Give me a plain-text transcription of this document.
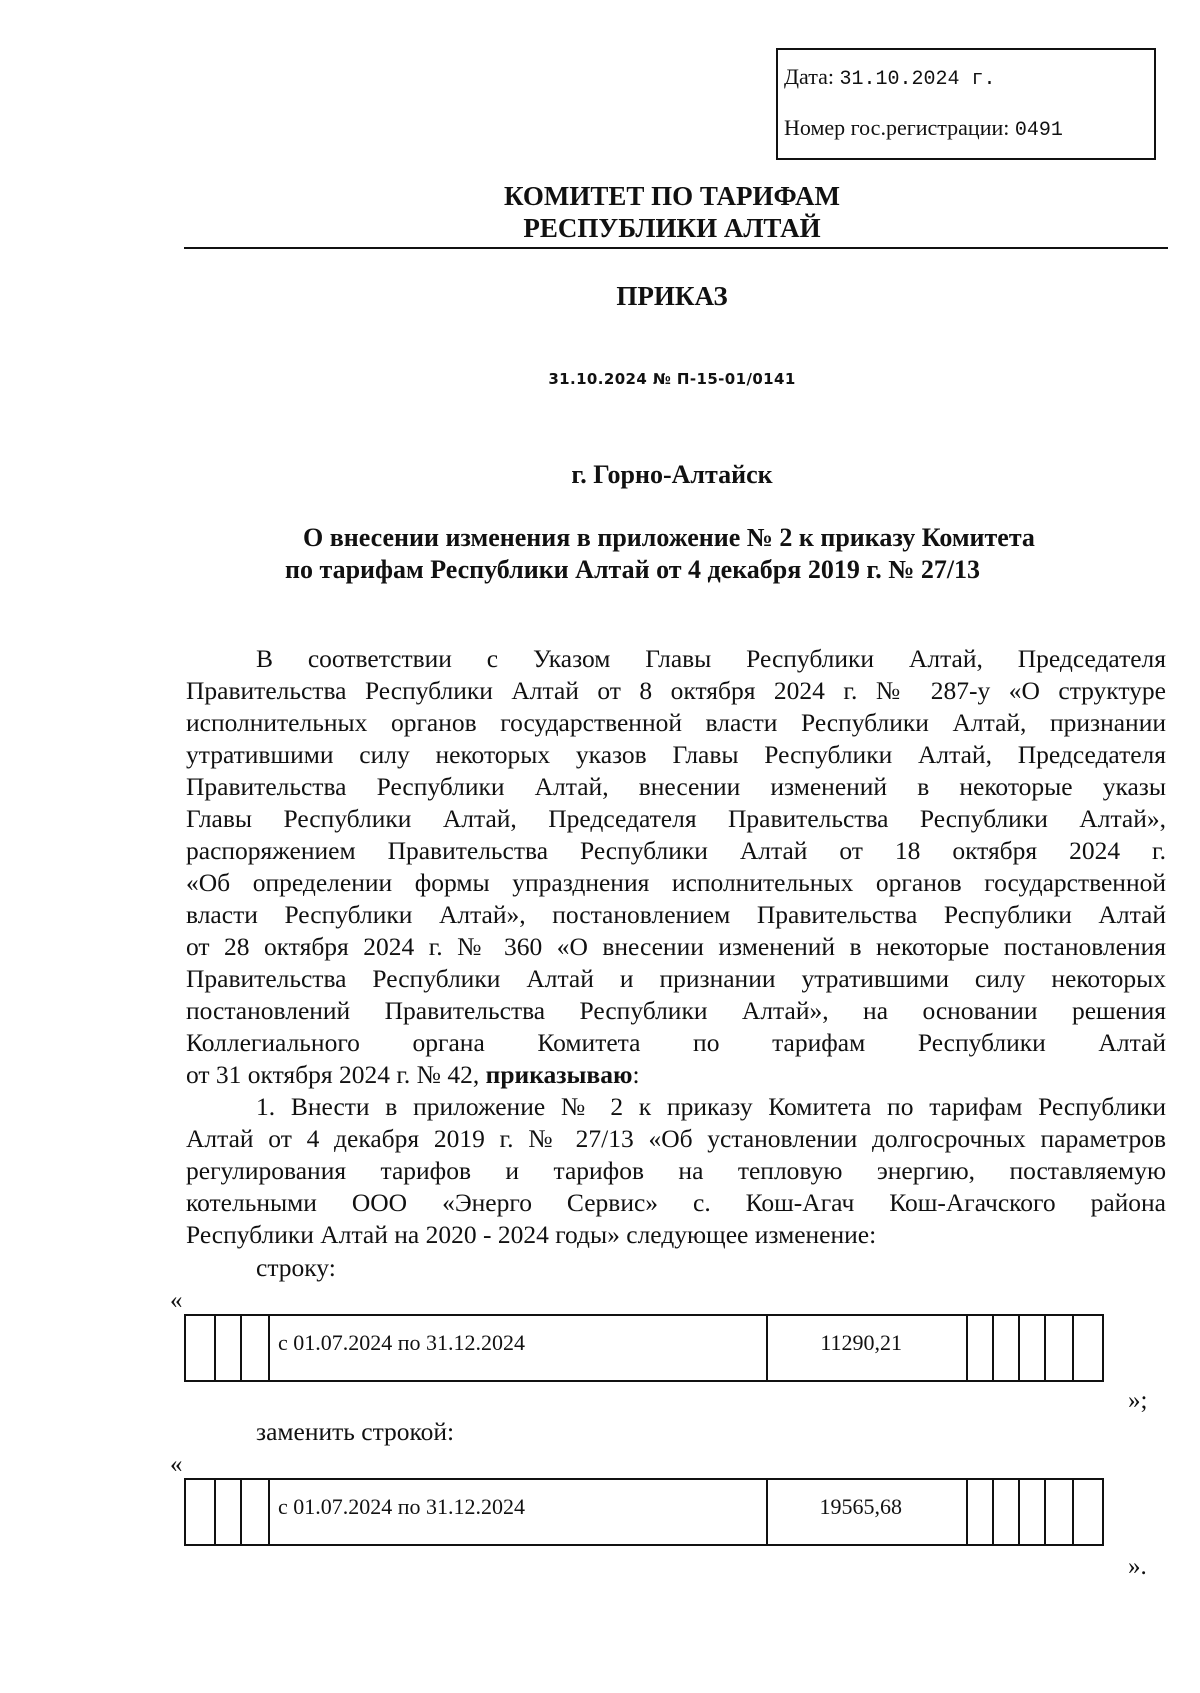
Дата: 31.10.2024 г.
Номер гос.регистрации: 0491
КОМИТЕТ ПО ТАРИФАМ
РЕСПУБЛИКИ АЛТАЙ
ПРИКАЗ
31.10.2024 № П-15-01/0141
г. Горно-Алтайск
О внесении изменения в приложение № 2 к приказу Комитета
по тарифам Республики Алтай от 4 декабря 2019 г. № 27/13
В соответствии с Указом Главы Республики Алтай, Председателя
Правительства Республики Алтай от 8 октября 2024 г. № 287-у «О структуре
исполнительных органов государственной власти Республики Алтай, признании
утратившими силу некоторых указов Главы Республики Алтай, Председателя
Правительства Республики Алтай, внесении изменений в некоторые указы
Главы Республики Алтай, Председателя Правительства Республики Алтай»,
распоряжением Правительства Республики Алтай от 18 октября 2024 г.
«Об определении формы упразднения исполнительных органов государственной
власти Республики Алтай», постановлением Правительства Республики Алтай
от 28 октября 2024 г. № 360 «О внесении изменений в некоторые постановления
Правительства Республики Алтай и признании утратившими силу некоторых
постановлений Правительства Республики Алтай», на основании решения
Коллегиального органа Комитета по тарифам Республики Алтай
от 31 октября 2024 г. № 42, приказываю:
1. Внести в приложение № 2 к приказу Комитета по тарифам Республики
Алтай от 4 декабря 2019 г. № 27/13 «Об установлении долгосрочных параметров
регулирования тарифов и тарифов на тепловую энергию, поставляемую
котельными ООО «Энерго Сервис» с. Кош-Агач Кош-Агачского района
Республики Алтай на 2020 - 2024 годы» следующее изменение:
строку:
«
с 01.07.2024 по 31.12.2024	11290,21
»;
заменить строкой:
«
с 01.07.2024 по 31.12.2024	19565,68
».
